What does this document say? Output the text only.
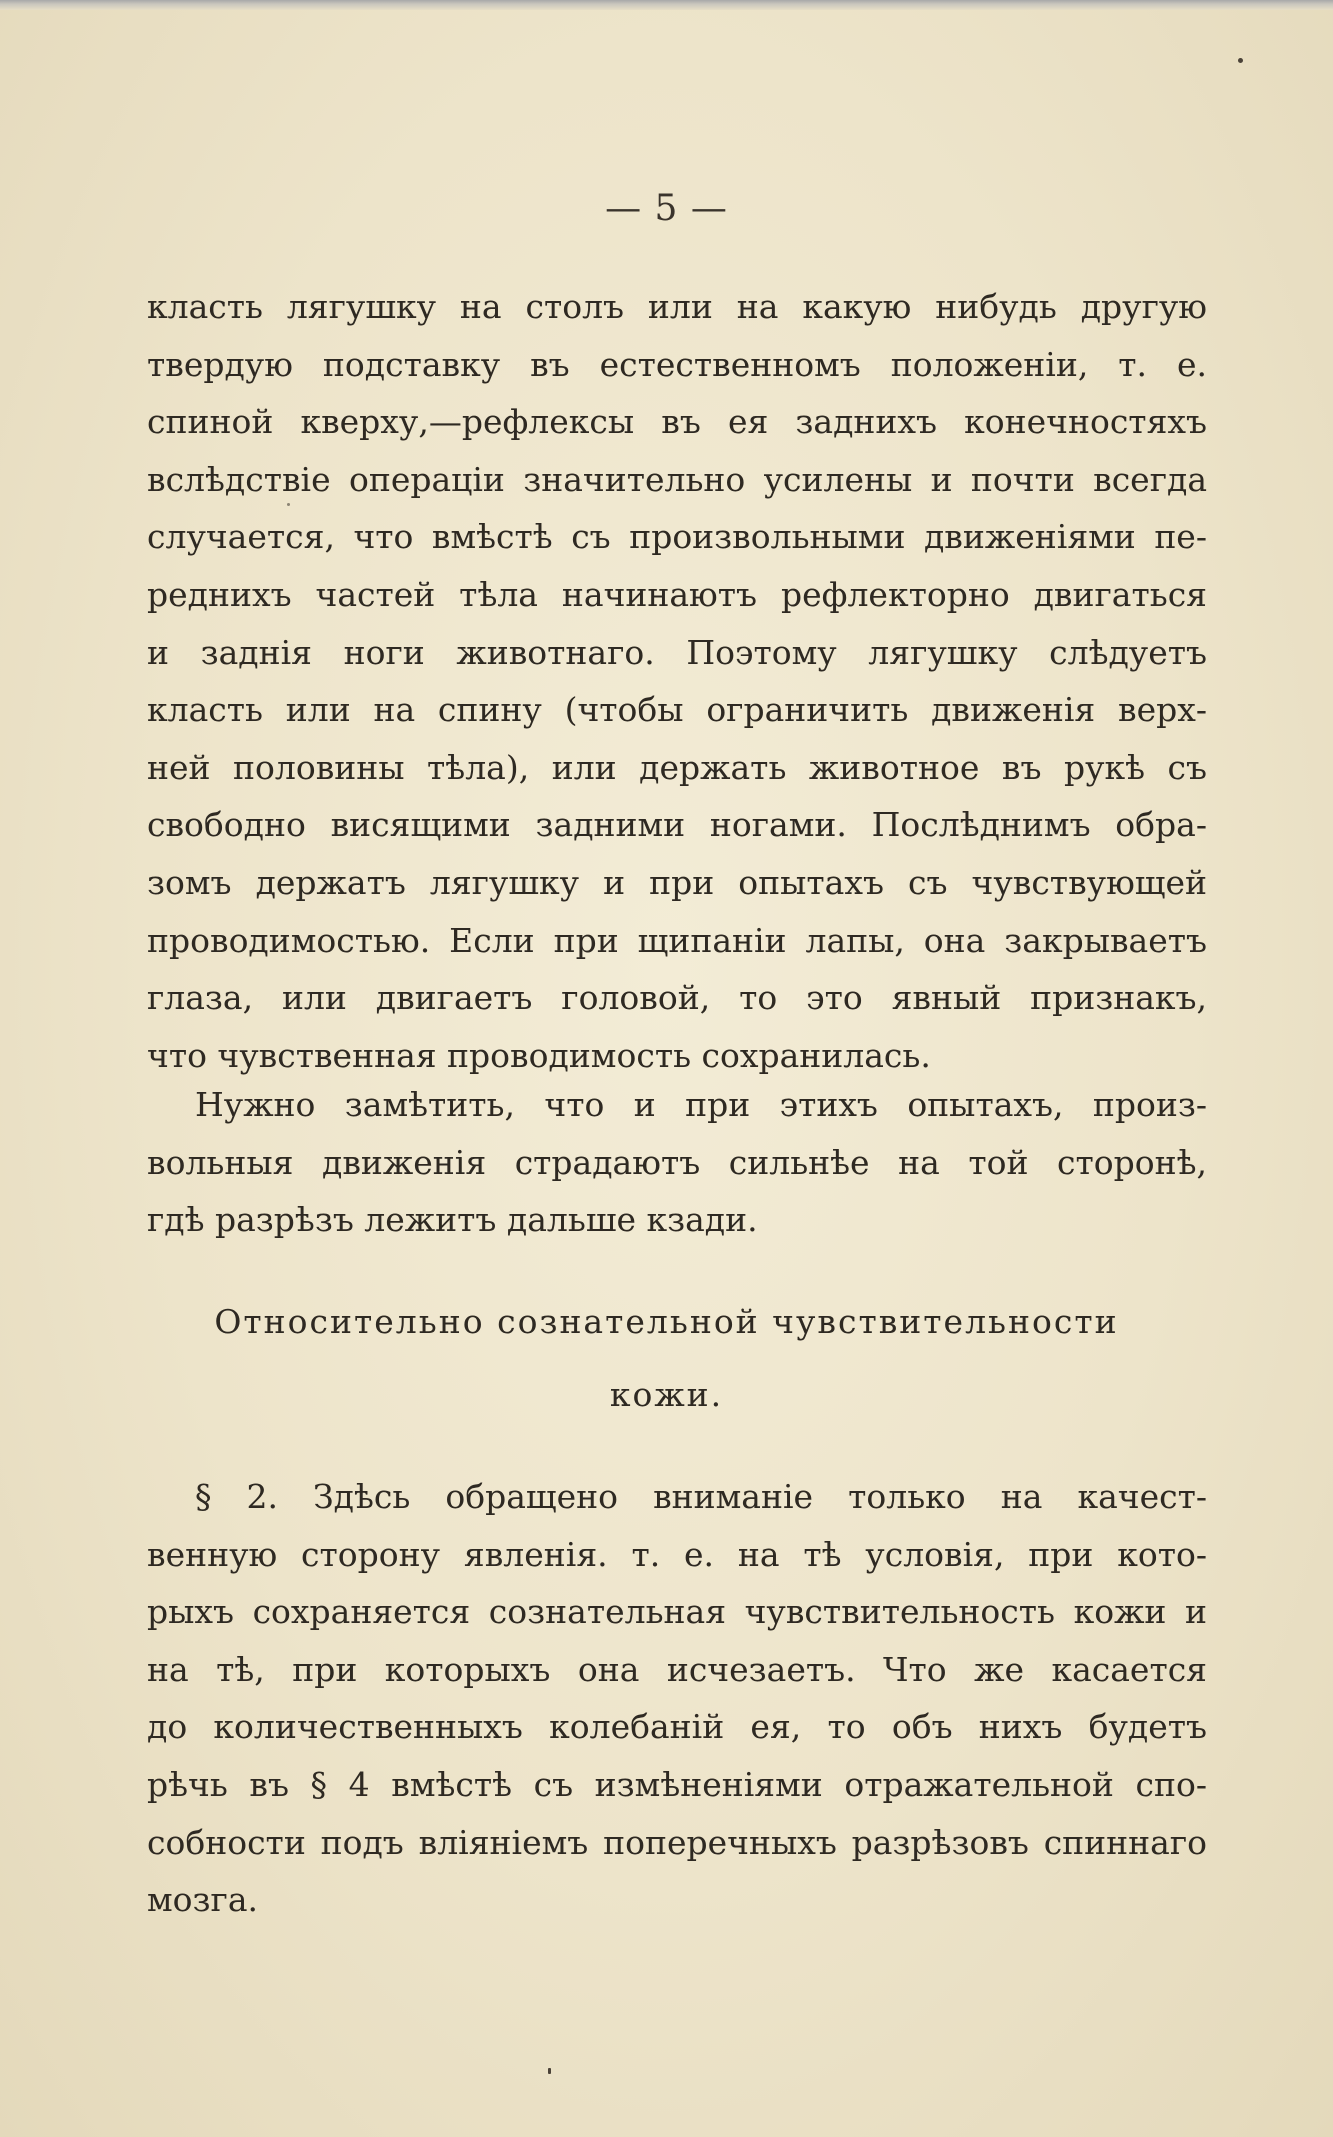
— 5 —
класть лягушку на столъ или на какую нибудь другую
твердую подставку въ естественномъ положеніи, т. е.
спиной кверху,—рефлексы въ ея заднихъ конечностяхъ
вслѣдствіе операціи значительно усилены и почти всегда
случается, что вмѣстѣ съ произвольными движеніями пе-
реднихъ частей тѣла начинаютъ рефлекторно двигаться
и заднія ноги животнаго. Поэтому лягушку слѣдуетъ
класть или на спину (чтобы ограничить движенія верх-
ней половины тѣла), или держать животное въ рукѣ съ
свободно висящими задними ногами. Послѣднимъ обра-
зомъ держатъ лягушку и при опытахъ съ чувствующей
проводимостью. Если при щипаніи лапы, она закрываетъ
глаза, или двигаетъ головой, то это явный признакъ,
что чувственная проводимость сохранилась.
Нужно замѣтить, что и при этихъ опытахъ, произ-
вольныя движенія страдаютъ сильнѣе на той сторонѣ,
гдѣ разрѣзъ лежитъ дальше кзади.
Относительно сознательной чувствительности
кожи.
§ 2. Здѣсь обращено вниманіе только на качест-
венную сторону явленія. т. е. на тѣ условія, при кото-
рыхъ сохраняется сознательная чувствительность кожи и
на тѣ, при которыхъ она исчезаетъ. Что же касается
до количественныхъ колебаній ея, то объ нихъ будетъ
рѣчь въ § 4 вмѣстѣ съ измѣненіями отражательной спо-
собности подъ вліяніемъ поперечныхъ разрѣзовъ спиннаго
мозга.
